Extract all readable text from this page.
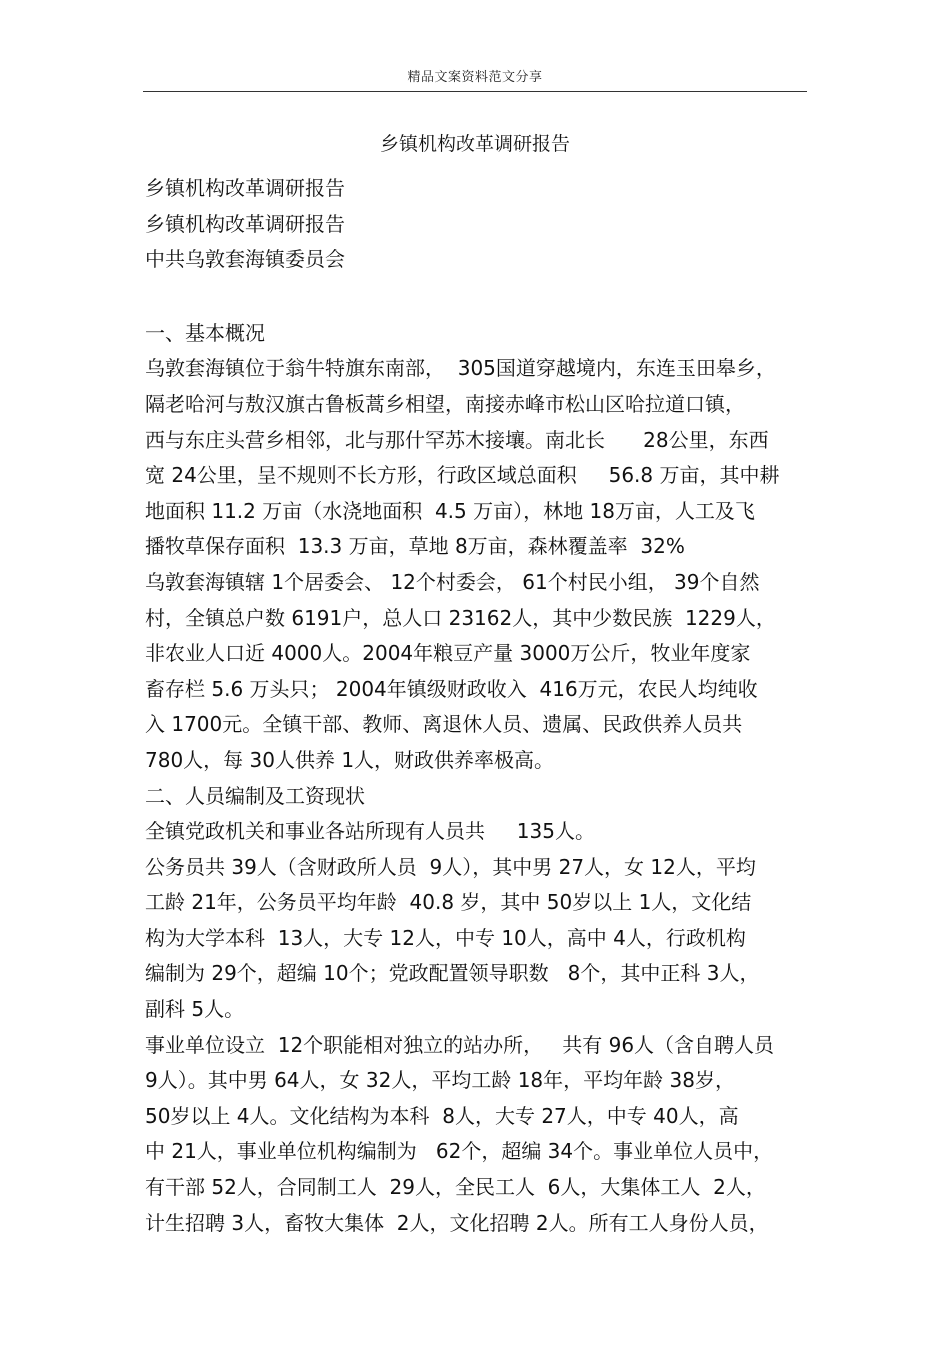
精品文案资料范文分享
乡镇机构改革调研报告
乡镇机构改革调研报告
乡镇机构改革调研报告
中共乌敦套海镇委员会
一、基本概况
乌敦套海镇位于翁牛特旗东南部，  305国道穿越境内，东连玉田皋乡，
隔老哈河与敖汉旗古鲁板蒿乡相望，南接赤峰市松山区哈拉道口镇，
西与东庄头营乡相邻，北与那什罕苏木接壤。南北长      28公里，东西
宽 24公里，呈不规则不长方形，行政区域总面积     56.8 万亩，其中耕
地面积 11.2 万亩（水浇地面积  4.5 万亩），林地 18万亩，人工及飞
播牧草保存面积  13.3 万亩，草地 8万亩，森林覆盖率  32%
乌敦套海镇辖 1个居委会、 12个村委会， 61个村民小组， 39个自然
村，全镇总户数 6191户，总人口 23162人，其中少数民族  1229人，
非农业人口近 4000人。2004年粮豆产量 3000万公斤，牧业年度家
畜存栏 5.6 万头只； 2004年镇级财政收入  416万元，农民人均纯收
入 1700元。全镇干部、教师、离退休人员、遗属、民政供养人员共
780人，每 30人供养 1人，财政供养率极高。
二、人员编制及工资现状
全镇党政机关和事业各站所现有人员共     135人。
公务员共 39人（含财政所人员  9人），其中男 27人，女 12人，平均
工龄 21年，公务员平均年龄  40.8 岁，其中 50岁以上 1人，文化结
构为大学本科  13人，大专 12人，中专 10人，高中 4人，行政机构
编制为 29个，超编 10个；党政配置领导职数   8个，其中正科 3人，
副科 5人。
事业单位设立  12个职能相对独立的站办所，   共有 96人（含自聘人员
9人）。其中男 64人，女 32人，平均工龄 18年，平均年龄 38岁，
50岁以上 4人。文化结构为本科  8人，大专 27人，中专 40人，高
中 21人，事业单位机构编制为   62个，超编 34个。事业单位人员中，
有干部 52人，合同制工人  29人，全民工人  6人，大集体工人  2人，
计生招聘 3人，畜牧大集体  2人，文化招聘 2人。所有工人身份人员，
